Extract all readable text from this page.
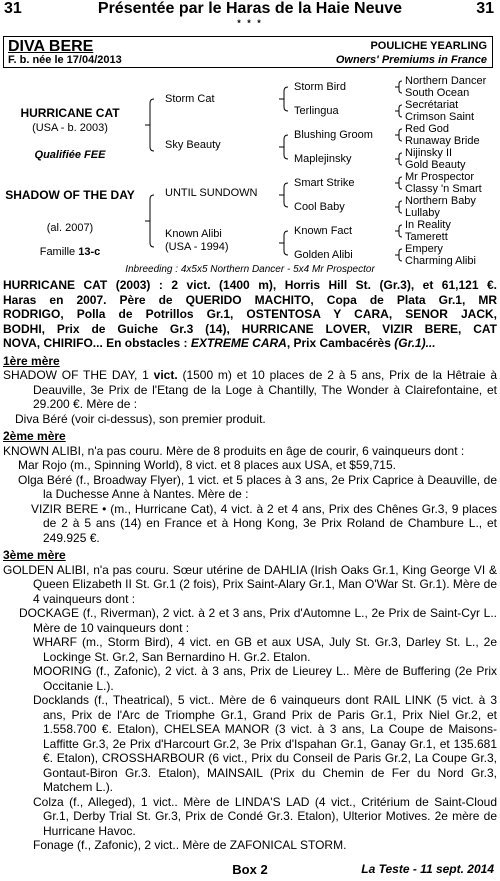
31	Présentée par le Haras de la Haie Neuve	31
* * *
DIVA BERE
F. b. née le 17/04/2013
POULICHE YEARLING
Owners' Premiums in France
HURRICANE CAT
(USA - b. 2003)
Qualifiée FEE
SHADOW OF THE DAY
(al. 2007)
Famille 13-c
Storm Cat
Sky Beauty
UNTIL SUNDOWN
Known Alibi
(USA - 1994)
Storm Bird
Terlingua
Blushing Groom
Maplejinsky
Smart Strike
Cool Baby
Known Fact
Golden Alibi
Northern Dancer
South Ocean
Secrétariat
Crimson Saint
Red God
Runaway Bride
Nijinsky II
Gold Beauty
Mr Prospector
Classy 'n Smart
Northern Baby
Lullaby
In Reality
Tamerett
Empery
Charming Alibi
Inbreeding : 4x5x5 Northern Dancer - 5x4 Mr Prospector

HURRICANE CAT (2003) : 2 vict. (1400 m), Horris Hill St. (Gr.3), et 61,121 €.

Haras en 2007. Père de QUERIDO MACHITO, Copa de Plata Gr.1, MR

RODRIGO, Polla de Potrillos Gr.1, OSTENTOSA Y CARA, SENOR JACK,

BODHI, Prix de Guiche Gr.3 (14), HURRICANE LOVER, VIZIR BERE, CAT

NOVA, CHIRIFO... En obstacles : EXTREME CARA, Prix Cambacérès (Gr.1)...

1ère mère

SHADOW OF THE DAY, 1 vict. (1500 m) et 10 places de 2 à 5 ans, Prix de la Hêtraie à Deauville, 3e Prix de l'Etang de la Loge à Chantilly, The Wonder à Clairefontaine, et 29.200 €. Mère de :

Diva Béré (voir ci-dessus), son premier produit.

2ème mère

KNOWN ALIBI, n'a pas couru. Mère de 8 produits en âge de courir, 6 vainqueurs dont :

Mar Rojo (m., Spinning World), 8 vict. et 8 places aux USA, et $59,715.

Olga Béré (f., Broadway Flyer), 1 vict. et 5 places à 3 ans, 2e Prix Caprice à Deauville, de la Duchesse Anne à Nantes. Mère de :

VIZIR BERE • (m., Hurricane Cat), 4 vict. à 2 et 4 ans, Prix des Chênes Gr.3, 9 places de 2 à 5 ans (14) en France et à Hong Kong, 3e Prix Roland de Chambure L., et 249.925 €.

3ème mère

GOLDEN ALIBI, n'a pas couru. Sœur utérine de DAHLIA (Irish Oaks Gr.1, King George VI & Queen Elizabeth II St. Gr.1 (2 fois), Prix Saint-Alary Gr.1, Man O'War St. Gr.1). Mère de 4 vainqueurs dont :

DOCKAGE (f., Riverman), 2 vict. à 2 et 3 ans, Prix d'Automne L., 2e Prix de Saint-Cyr L.. Mère de 10 vainqueurs dont :

WHARF (m., Storm Bird), 4 vict. en GB et aux USA, July St. Gr.3, Darley St. L., 2e Lockinge St. Gr.2, San Bernardino H. Gr.2. Etalon.

MOORING (f., Zafonic), 2 vict. à 3 ans, Prix de Lieurey L.. Mère de Buffering (2e Prix Occitanie L.).

Docklands (f., Theatrical), 5 vict.. Mère de 6 vainqueurs dont RAIL LINK (5 vict. à 3 ans, Prix de l'Arc de Triomphe Gr.1, Grand Prix de Paris Gr.1, Prix Niel Gr.2, et 1.558.700 €. Etalon), CHELSEA MANOR (3 vict. à 3 ans, La Coupe de Maisons- Laffitte Gr.3, 2e Prix d'Harcourt Gr.2, 3e Prix d'Ispahan Gr.1, Ganay Gr.1, et 135.681 €. Etalon), CROSSHARBOUR (6 vict., Prix du Conseil de Paris Gr.2, La Coupe Gr.3, Gontaut-Biron Gr.3. Etalon), MAINSAIL (Prix du Chemin de Fer du Nord Gr.3, Matchem L.).

Colza (f., Alleged), 1 vict.. Mère de LINDA'S LAD (4 vict., Critérium de Saint-Cloud Gr.1, Derby Trial St. Gr.3, Prix de Condé Gr.3. Etalon), Ulterior Motives. 2e mère de Hurricane Havoc.

Fonage (f., Zafonic), 2 vict.. Mère de ZAFONICAL STORM.

Box 2	La Teste - 11 sept. 2014
